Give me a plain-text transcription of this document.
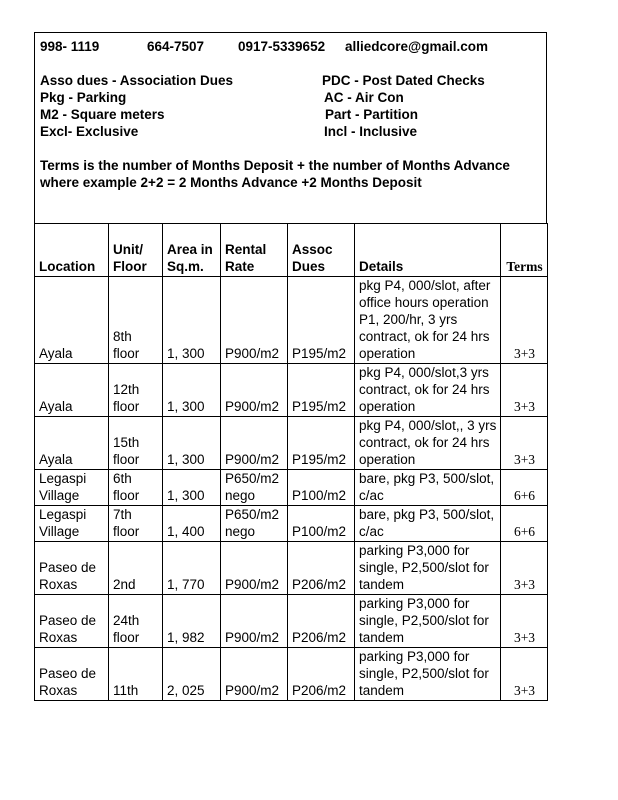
998- 1119	664-7507	0917-5339652 alliedcore@gmail.com
Asso dues - Association Dues
Pkg - Parking
M2 - Square meters
Excl- Exclusive
PDC - Post Dated Checks
AC - Air Con
Part - Partition
Incl - Inclusive
Terms is the number of Months Deposit + the number of Months Advance where example 2+2 = 2 Months Advance +2 Months Deposit
Location	Unit/ Floor	Area in Sq.m.	Rental Rate	Assoc Dues	Details	Terms
Ayala	8th floor	1, 300	P900/m2	P195/m2	pkg P4, 000/slot, after office hours operation P1, 200/hr, 3 yrs contract, ok for 24 hrs operation	3+3
Ayala	12th floor	1, 300	P900/m2	P195/m2	pkg P4, 000/slot,3 yrs contract, ok for 24 hrs operation	3+3
Ayala	15th floor	1, 300	P900/m2	P195/m2	pkg P4, 000/slot,, 3 yrs contract, ok for 24 hrs operation	3+3
Legaspi Village	6th floor	1, 300	P650/m2 nego	P100/m2	bare, pkg P3, 500/slot, c/ac	6+6
Legaspi Village	7th floor	1, 400	P650/m2 nego	P100/m2	bare, pkg P3, 500/slot, c/ac	6+6
Paseo de Roxas	2nd	1, 770	P900/m2	P206/m2	parking P3,000 for single, P2,500/slot for tandem	3+3
Paseo de Roxas	24th floor	1, 982	P900/m2	P206/m2	parking P3,000 for single, P2,500/slot for tandem	3+3
Paseo de Roxas	11th	2, 025	P900/m2	P206/m2	parking P3,000 for single, P2,500/slot for tandem	3+3
